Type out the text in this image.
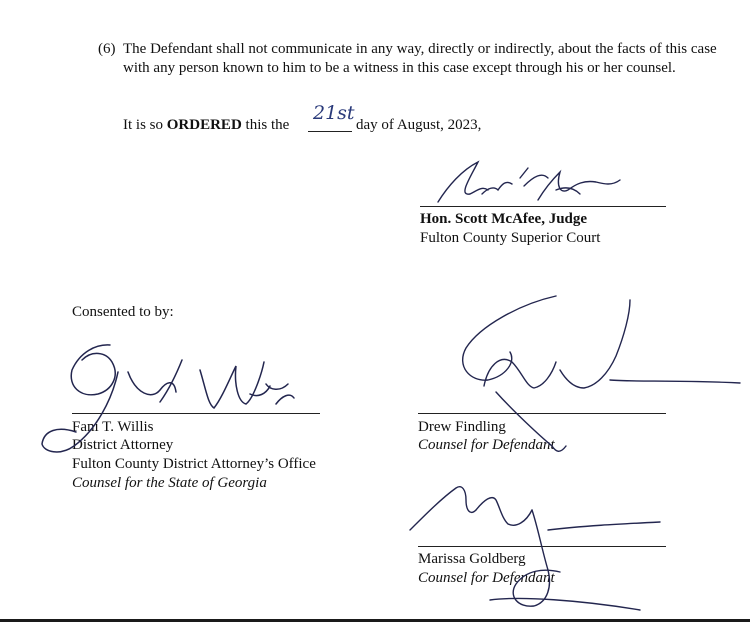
(6) The Defendant shall not communicate in any way, directly or indirectly, about the facts of this case with any person known to him to be a witness in this case except through his or her counsel.
It is so ORDERED this the
21st
day of August, 2023,
Hon. Scott McAfee, Judge
Fulton County Superior Court
Consented to by:
Fani T. Willis
District Attorney
Fulton County District Attorney’s Office
Counsel for the State of Georgia
Drew Findling
Counsel for Defendant
Marissa Goldberg
Counsel for Defendant
